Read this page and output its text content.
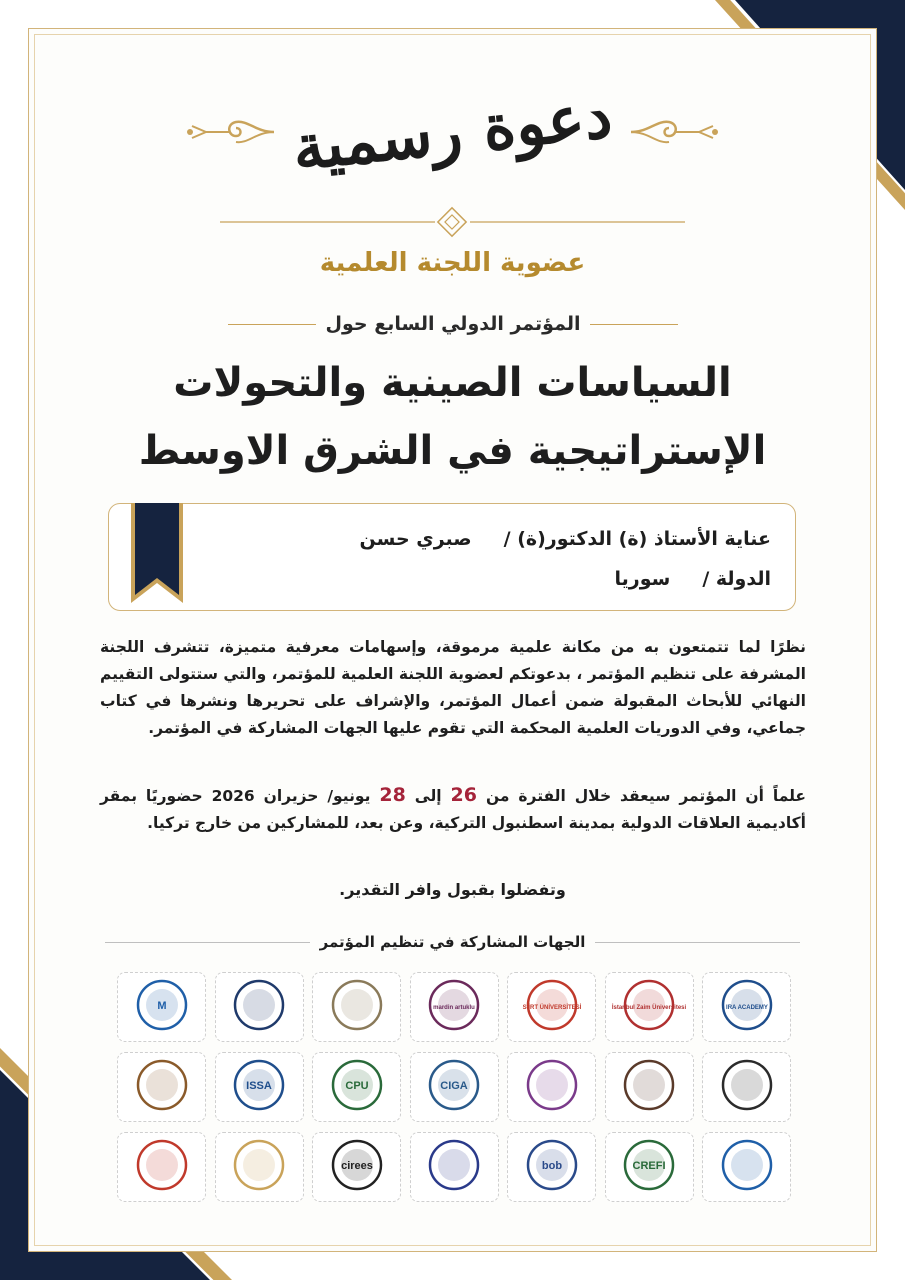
دعوة رسمية
عضوية اللجنة العلمية
المؤتمر الدولي السابع حول
السياسات الصينية والتحولات
الإستراتيجية في الشرق الاوسط
عناية الأستاذ (ة) الدكتور(ة) /
صبري حسن
الدولة /
سوريا
نظرًا لما تتمتعون به من مكانة علمية مرموقة، وإسهامات معرفية متميزة، تتشرف اللجنة المشرفة على تنظيم المؤتمر ، بدعوتكم لعضوية اللجنة العلمية للمؤتمر، والتي ستتولى التقييم النهائي للأبحاث المقبولة ضمن أعمال المؤتمر، والإشراف على تحريرها ونشرها في كتاب جماعي، وفي الدوريات العلمية المحكمة التي تقوم عليها الجهات المشاركة في المؤتمر.
علماً أن المؤتمر سيعقد خلال الفترة من 26 إلى 28 يونيو/ حزيران 2026 حضوريًا بمقر أكاديمية العلاقات الدولية بمدينة اسطنبول التركية، وعن بعد، للمشاركين من خارج تركيا.
وتفضلوا بقبول وافر التقدير.
الجهات المشاركة في تنظيم المؤتمر
IRA ACADEMY
İstanbul Zaim Üniversitesi
SİİRT ÜNİVERSİTESİ
mardin artuklu
M
CIGA
CPU
ISSA
CREFI
bob
cirees
